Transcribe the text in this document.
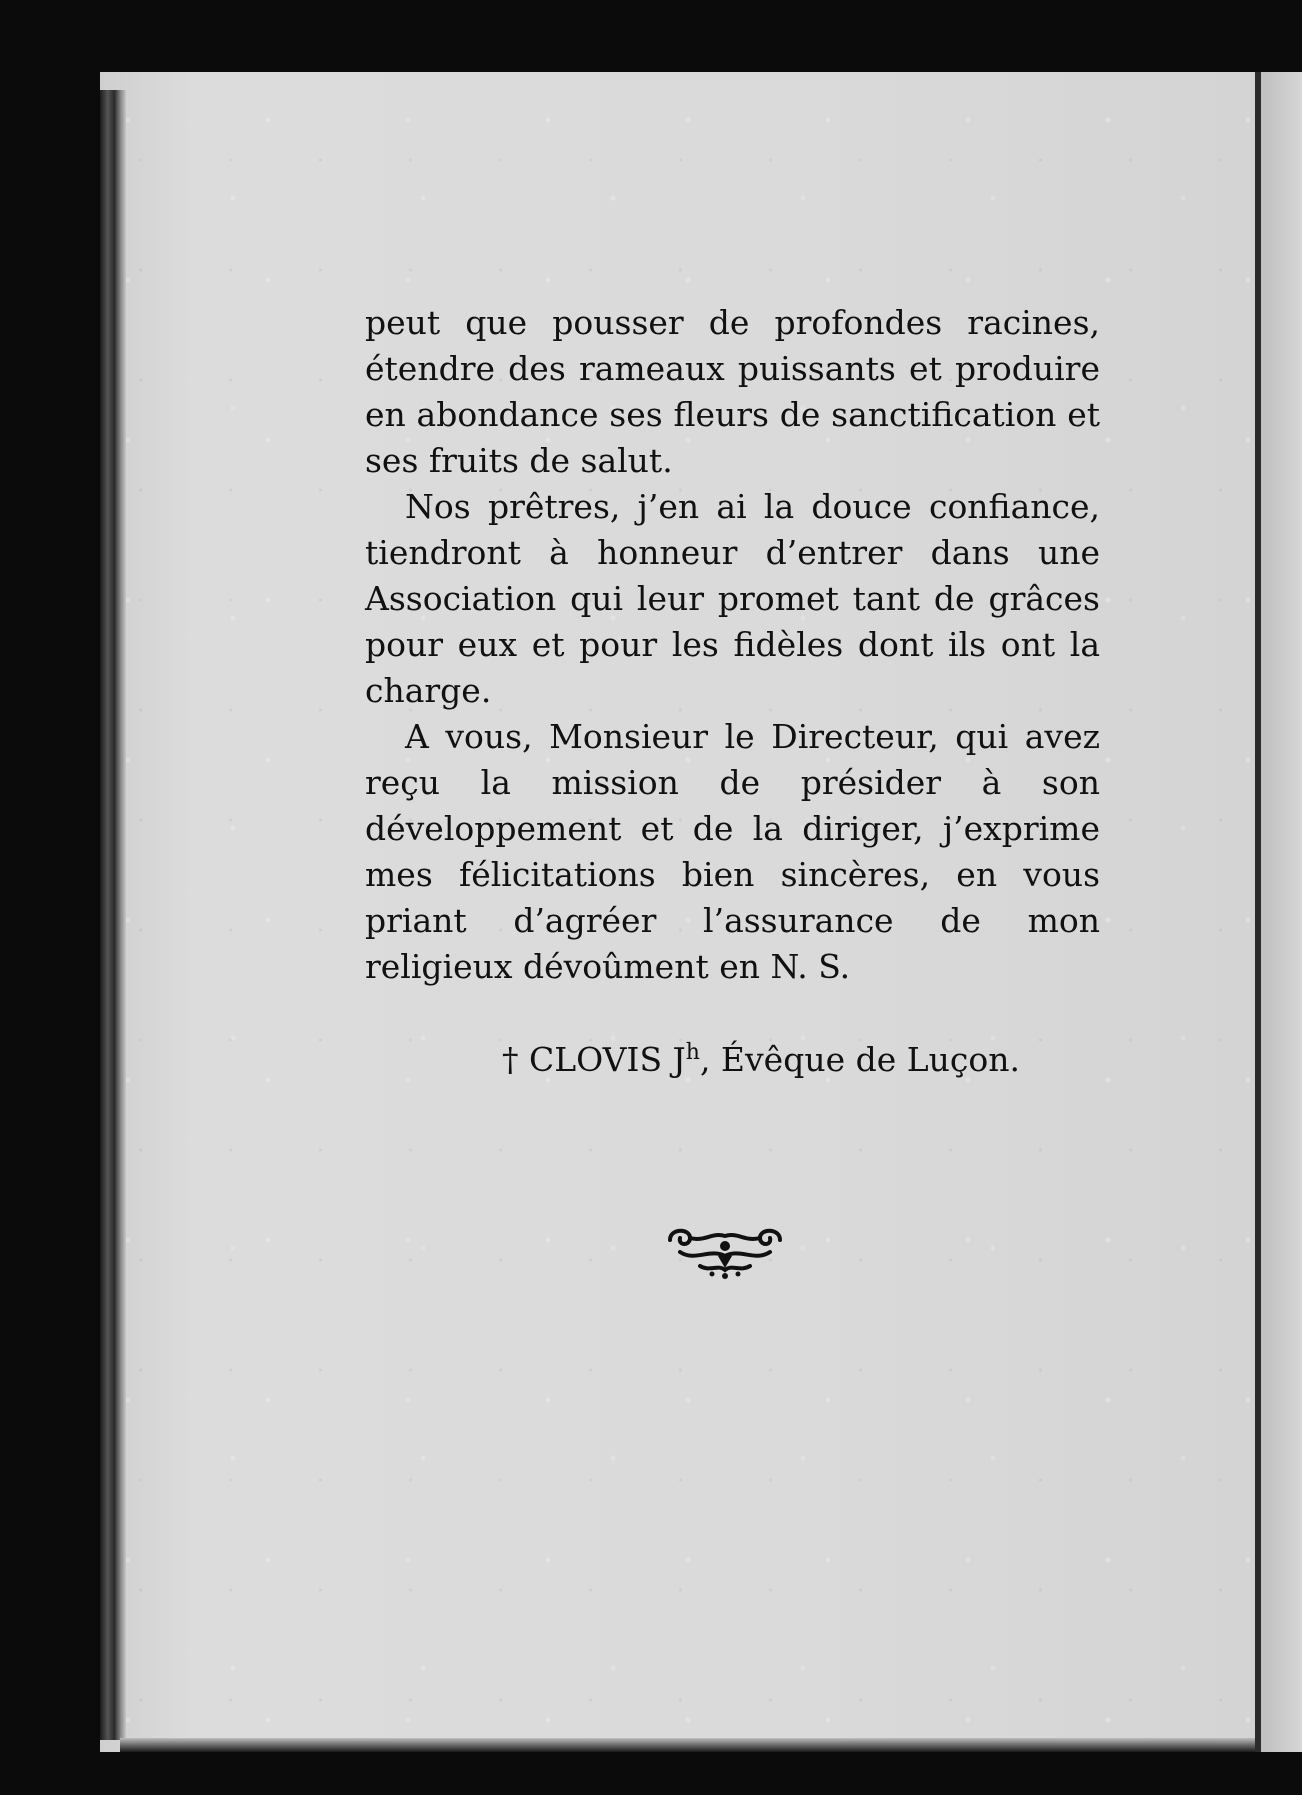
peut que pousser de profondes racines, étendre des rameaux puissants et produire en abondance ses fleurs de sanctification et ses fruits de salut.

Nos prêtres, j’en ai la douce confiance, tiendront à honneur d’entrer dans une Association qui leur promet tant de grâces pour eux et pour les fidèles dont ils ont la charge.

A vous, Monsieur le Directeur, qui avez reçu la mission de présider à son développement et de la diriger, j’exprime mes félicitations bien sincères, en vous priant d’agréer l’assurance de mon religieux dévoûment en N. S.

† CLOVIS $J^h$, Évêque de Luçon.
